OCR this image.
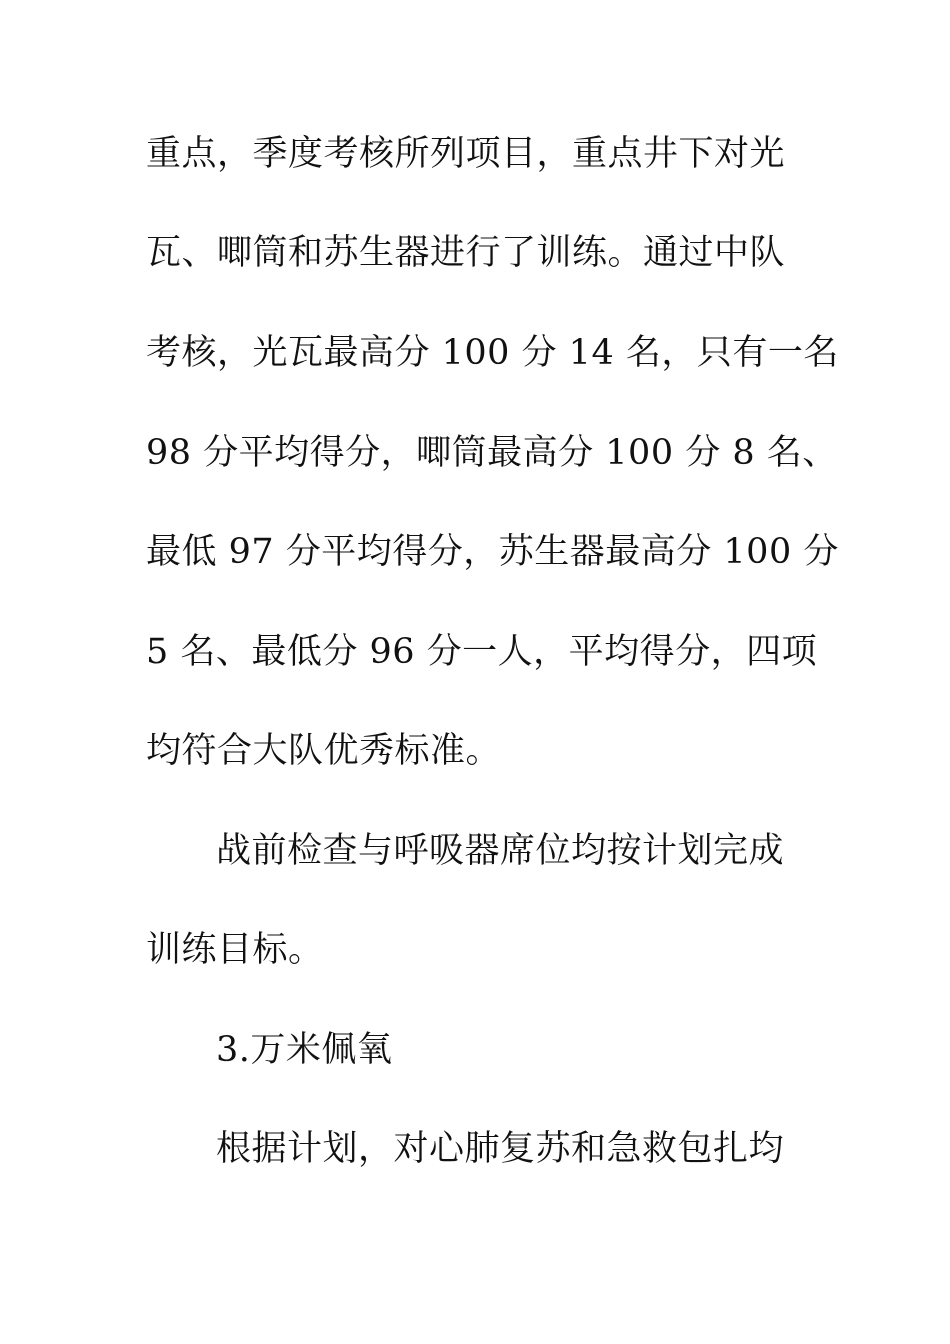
重点，季度考核所列项目，重点井下对光
瓦、唧筒和苏生器进行了训练。通过中队
考核，光瓦最高分 100 分 14 名，只有一名
98 分平均得分，唧筒最高分 100 分 8 名、
最低 97 分平均得分，苏生器最高分 100 分
5 名、最低分 96 分一人，平均得分，四项
均符合大队优秀标准。
战前检查与呼吸器席位均按计划完成
训练目标。
3.万米佩氧
根据计划，对心肺复苏和急救包扎均
